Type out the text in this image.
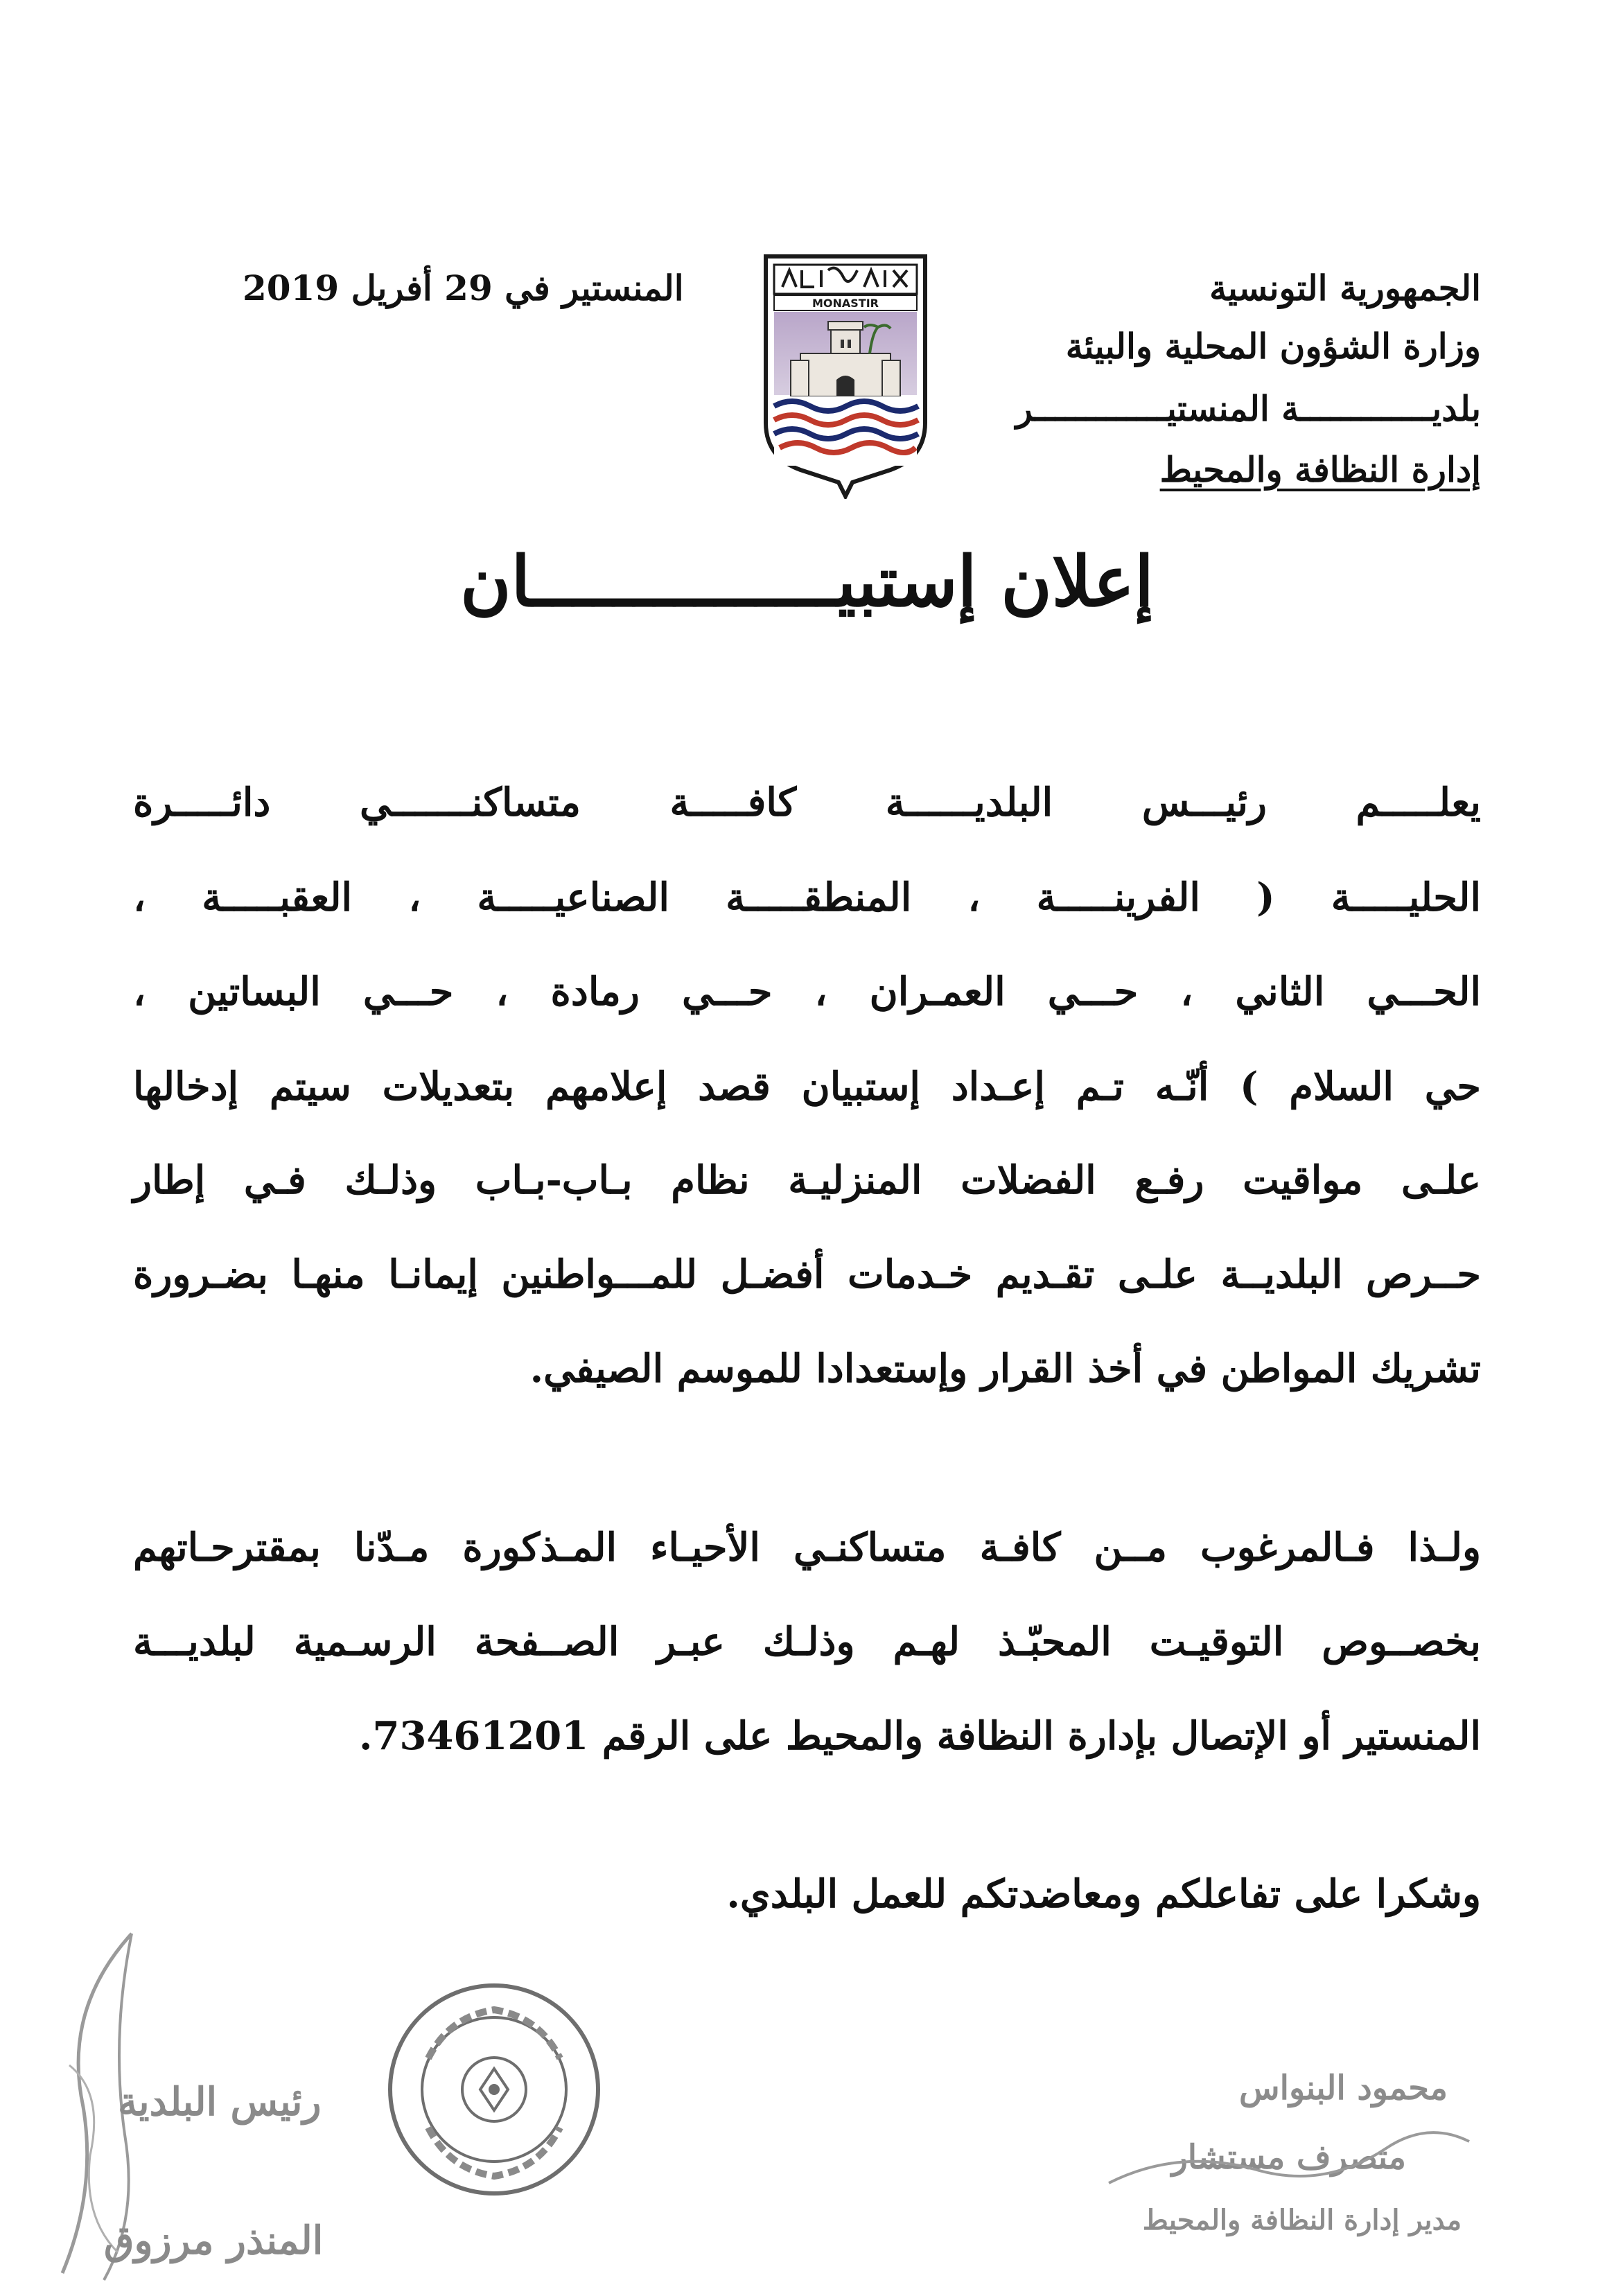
الجمهورية التونسية
وزارة الشؤون المحلية والبيئة
بلديـــــــــــــة المنستيـــــــــــــر
إدارة النظافة والمحيط
المنستير في 29 أفريل 2019	MONASTIR
إعلان إستبيـــــــــــــــان
يعلـــــم رئيـــس البلديــــــة كافـــــة متساكنـــــــي دائـــــرة
الحليـــــة ( الفرينـــــة ، المنطقـــــة الصناعيـــــة ، العقبـــــة ،
الحـــي الثاني ، حـــي العمـران ، حـــي رمادة ، حـــي البساتين ،
حي السلام ) أنّـه تـم إعـداد إستبيان قصد إعلامهم بتعديلات سيتم إدخالها
علـى مواقيت رفـع الفضلات المنزليـة نظام بـاب-بـاب وذلـك فـي إطار
حــرص البلديــة علـى تقـديم خـدمات أفضـل للمـــواطنين إيمانـا منهـا بضـرورة
تشريك المواطن في أخذ القرار وإستعدادا للموسم الصيفي.
ولـذا فـالمرغوب مــن كافـة متساكنـي الأحيـاء المـذكورة مـدّنا بمقترحـاتهم
بخصــوص التوقيـت المحبّـذ لهـم وذلـك عبـر الصــفحة الرسـمية لبلديـــة
المنستير أو الإتصال بإدارة النظافة والمحيط على الرقم 73461201.
وشكرا على تفاعلكم ومعاضدتكم للعمل البلدي.
رئيس البلدية
المنذر مرزوق
محمود البنواس
متصرف مستشار
مدير إدارة النظافة والمحيط
